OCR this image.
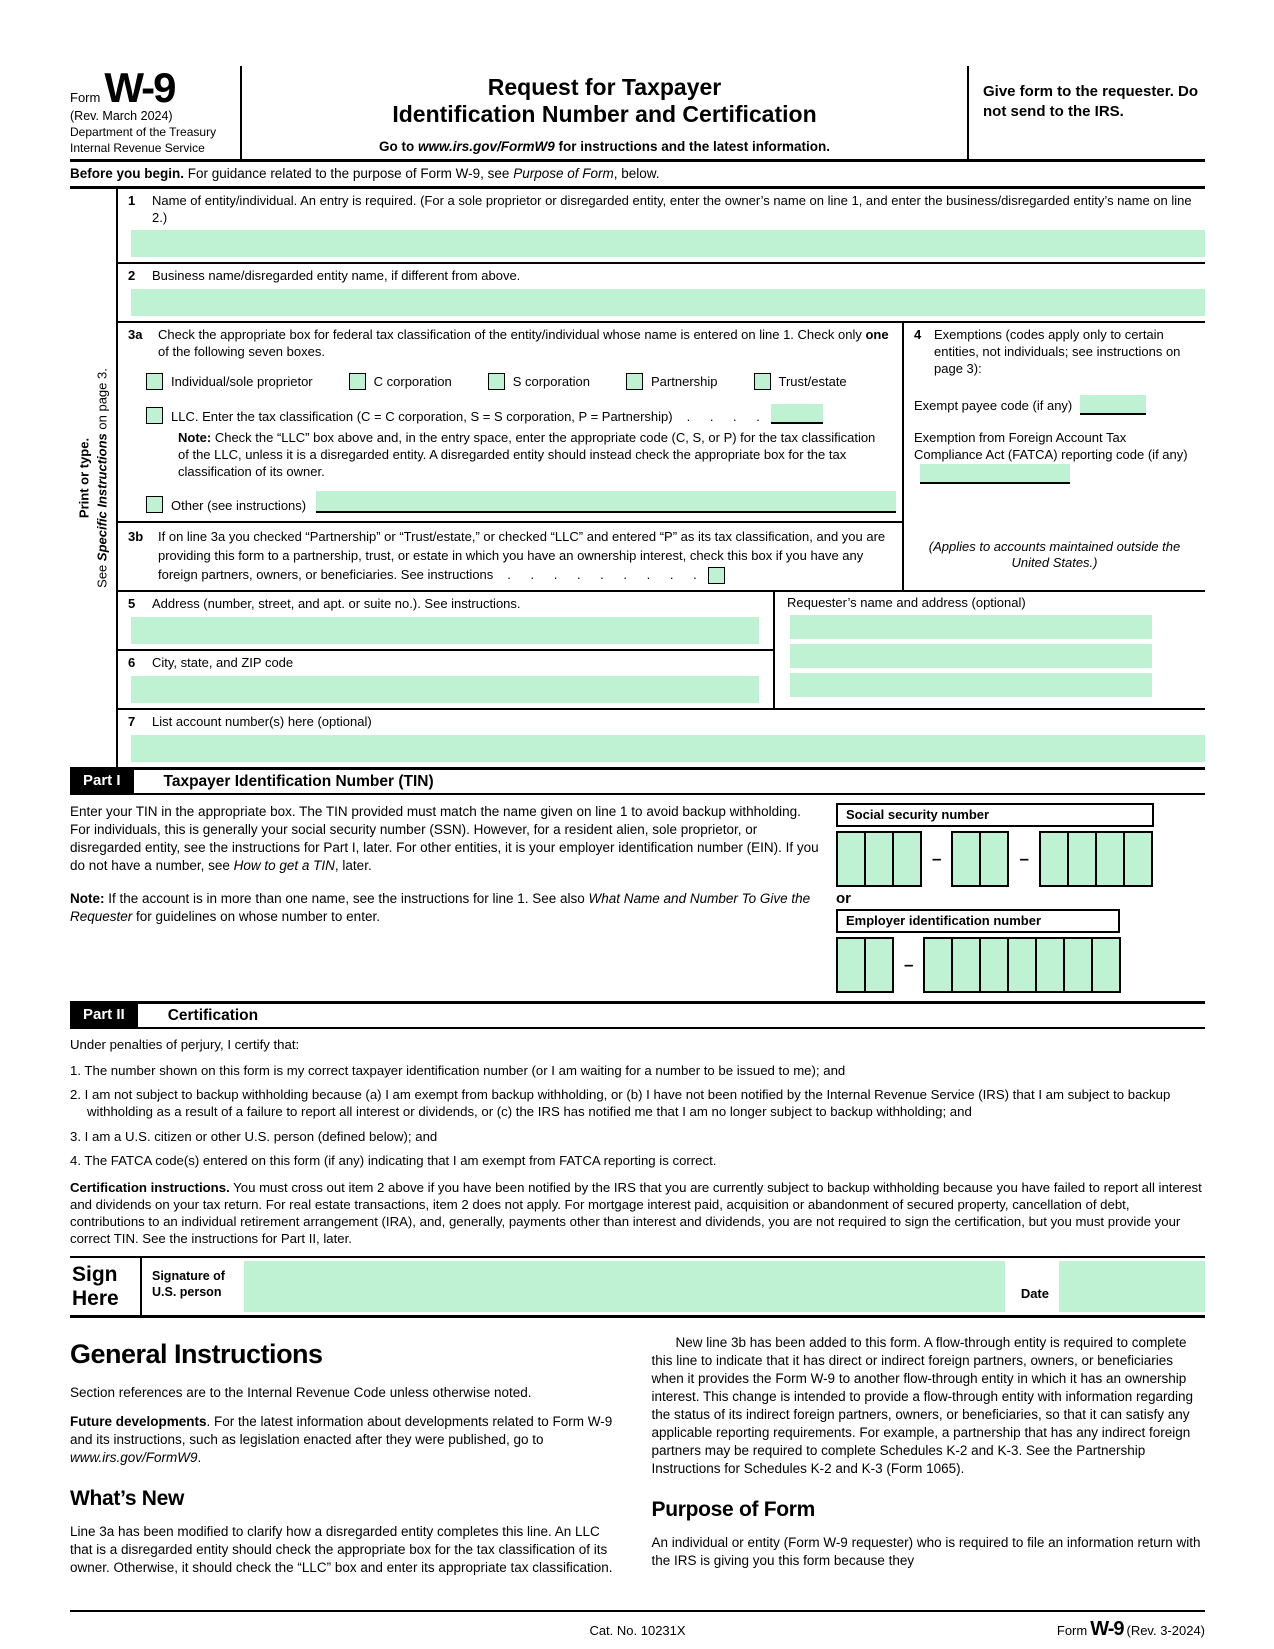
Form W-9
(Rev. March 2024)
Department of the Treasury
Internal Revenue Service
Request for Taxpayer
Identification Number and Certification
Go to www.irs.gov/FormW9 for instructions and the latest information.
Give form to the requester. Do not send to the IRS.
Before you begin. For guidance related to the purpose of Form W-9, see Purpose of Form, below.
Print or type.
See Specific Instructions on page 3.
1	Name of entity/individual. An entry is required. (For a sole proprietor or disregarded entity, enter the owner’s name on line 1, and enter the business/disregarded entity’s name on line 2.)
2	Business name/disregarded entity name, if different from above.
3a	Check the appropriate box for federal tax classification of the entity/individual whose name is entered on line 1. Check only one of the following seven boxes.
Individual/sole proprietor	C corporation	S corporation	Partnership	Trust/estate
LLC. Enter the tax classification (C = C corporation, S = S corporation, P = Partnership) . . . .
Note: Check the “LLC” box above and, in the entry space, enter the appropriate code (C, S, or P) for the tax classification of the LLC, unless it is a disregarded entity. A disregarded entity should instead check the appropriate box for the tax classification of its owner.
Other (see instructions)
3b	If on line 3a you checked “Partnership” or “Trust/estate,” or checked “LLC” and entered “P” as its tax classification, and you are providing this form to a partnership, trust, or estate in which you have an ownership interest, check this box if you have any foreign partners, owners, or beneficiaries. See instructions . . . . . . . . .
4 Exemptions (codes apply only to certain entities, not individuals; see instructions on page 3):
Exempt payee code (if any)
Exemption from Foreign Account Tax Compliance Act (FATCA) reporting code (if any)
(Applies to accounts maintained outside the United States.)
5	Address (number, street, and apt. or suite no.). See instructions.
6	City, state, and ZIP code
Requester’s name and address (optional)
7	List account number(s) here (optional)
Part I	Taxpayer Identification Number (TIN)

Enter your TIN in the appropriate box. The TIN provided must match the name given on line 1 to avoid backup withholding. For individuals, this is generally your social security number (SSN). However, for a resident alien, sole proprietor, or disregarded entity, see the instructions for Part I, later. For other entities, it is your employer identification number (EIN). If you do not have a number, see How to get a TIN, later.

Note: If the account is in more than one name, see the instructions for line 1. See also What Name and Number To Give the Requester for guidelines on whose number to enter.

Social security number
–	–
or
Employer identification number
–
Part II	Certification
Under penalties of perjury, I certify that:
1. The number shown on this form is my correct taxpayer identification number (or I am waiting for a number to be issued to me); and
2. I am not subject to backup withholding because (a) I am exempt from backup withholding, or (b) I have not been notified by the Internal Revenue Service (IRS) that I am subject to backup withholding as a result of a failure to report all interest or dividends, or (c) the IRS has notified me that I am no longer subject to backup withholding; and
3. I am a U.S. citizen or other U.S. person (defined below); and
4. The FATCA code(s) entered on this form (if any) indicating that I am exempt from FATCA reporting is correct.
Certification instructions. You must cross out item 2 above if you have been notified by the IRS that you are currently subject to backup withholding because you have failed to report all interest and dividends on your tax return. For real estate transactions, item 2 does not apply. For mortgage interest paid, acquisition or abandonment of secured property, cancellation of debt, contributions to an individual retirement arrangement (IRA), and, generally, payments other than interest and dividends, you are not required to sign the certification, but you must provide your correct TIN. See the instructions for Part II, later.
Sign
Here
Signature of
U.S. person	Date
General Instructions

Section references are to the Internal Revenue Code unless otherwise noted.

Future developments. For the latest information about developments related to Form W-9 and its instructions, such as legislation enacted after they were published, go to www.irs.gov/FormW9.

What’s New

Line 3a has been modified to clarify how a disregarded entity completes this line. An LLC that is a disregarded entity should check the appropriate box for the tax classification of its owner. Otherwise, it should check the “LLC” box and enter its appropriate tax classification.

New line 3b has been added to this form. A flow-through entity is required to complete this line to indicate that it has direct or indirect foreign partners, owners, or beneficiaries when it provides the Form W-9 to another flow-through entity in which it has an ownership interest. This change is intended to provide a flow-through entity with information regarding the status of its indirect foreign partners, owners, or beneficiaries, so that it can satisfy any applicable reporting requirements. For example, a partnership that has any indirect foreign partners may be required to complete Schedules K-2 and K-3. See the Partnership Instructions for Schedules K-2 and K-3 (Form 1065).

Purpose of Form

An individual or entity (Form W-9 requester) who is required to file an information return with the IRS is giving you this form because they

Cat. No. 10231X	Form W-9 (Rev. 3-2024)
